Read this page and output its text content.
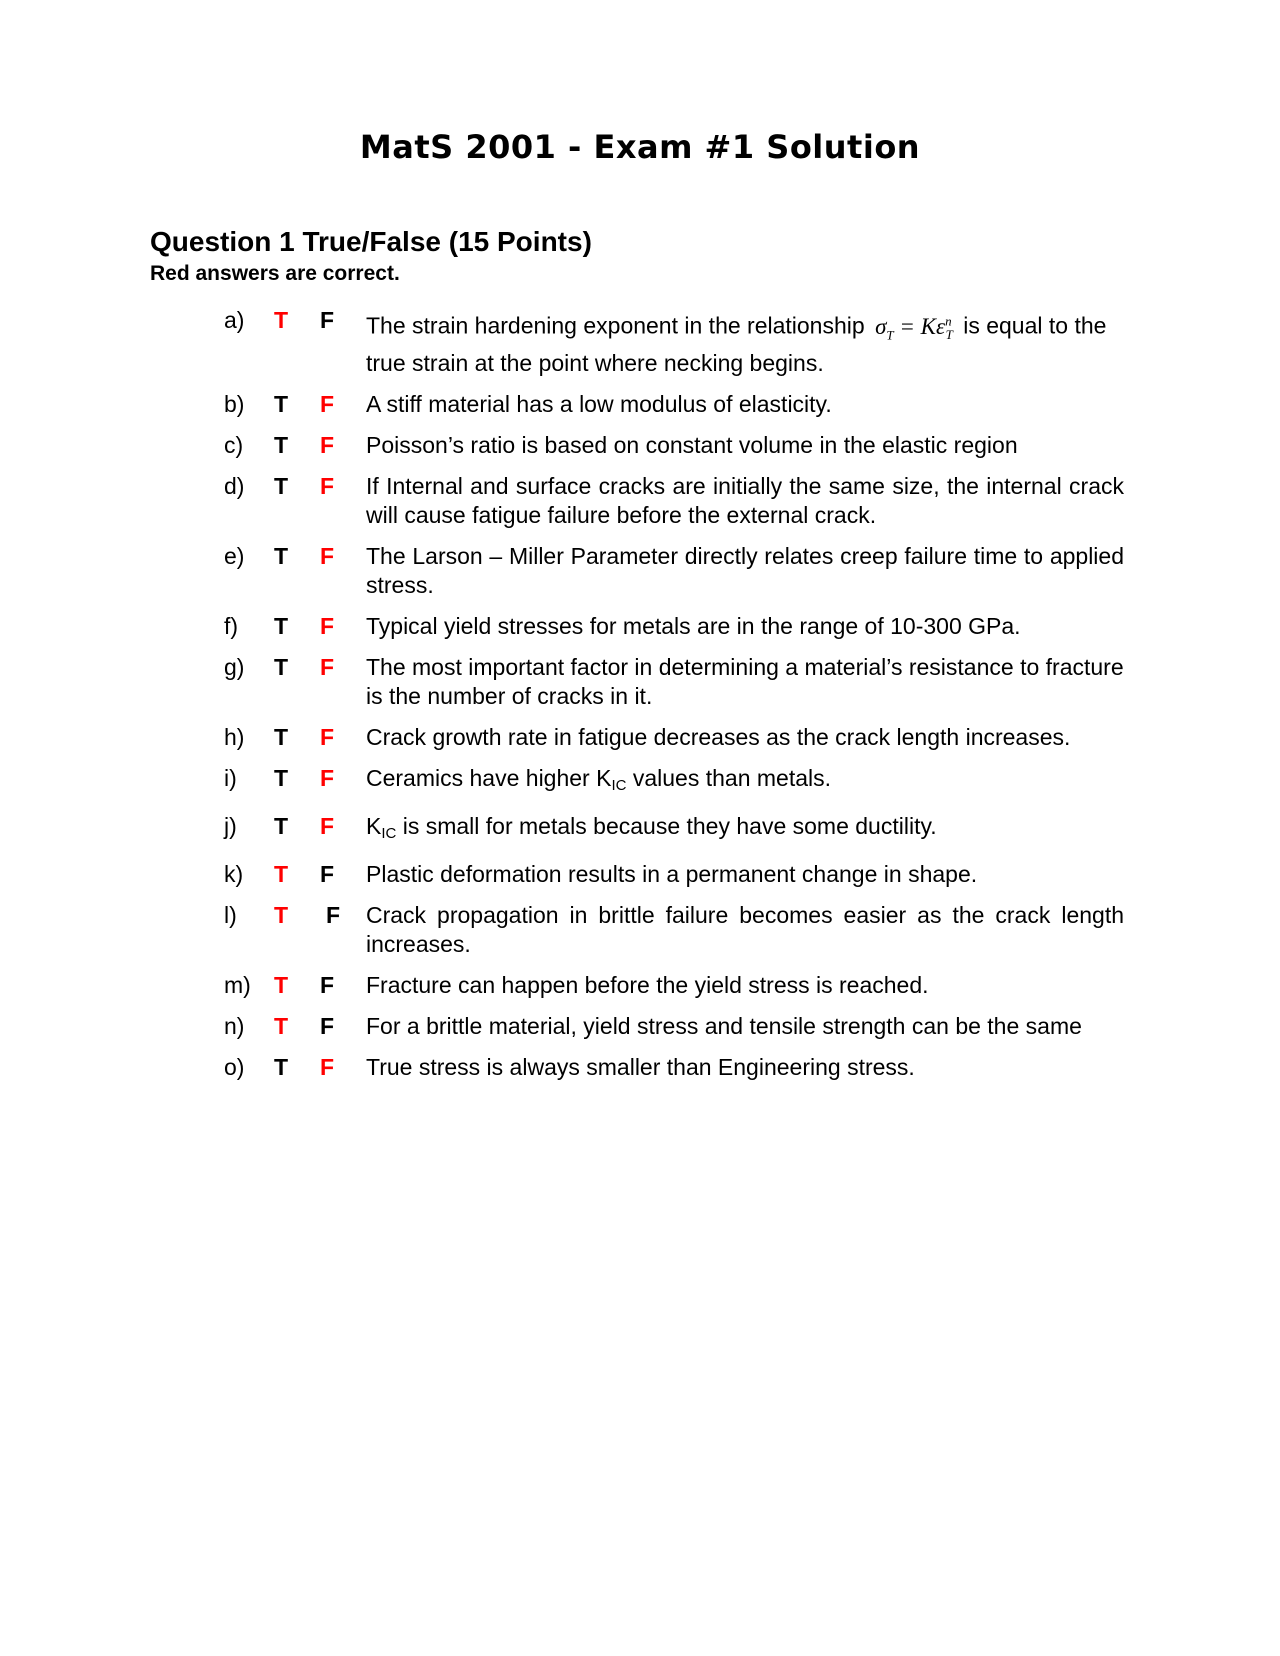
MatS 2001 - Exam #1 Solution
Question 1 True/False (15 Points)
Red answers are correct.
a)	T	F	The strain hardening exponent in the relationship $\sigma_T = K\varepsilon^n_T$ is equal to the true strain at the point where necking begins.
b)	T	F	A stiff material has a low modulus of elasticity.
c)	T	F	Poisson’s ratio is based on constant volume in the elastic region
d)	T	F	If Internal and surface cracks are initially the same size, the internal crack will cause fatigue failure before the external crack.
e)	T	F	The Larson – Miller Parameter directly relates creep failure time to applied stress.
f)	T	F	Typical yield stresses for metals are in the range of 10-300 GPa.
g)	T	F	The most important factor in determining a material’s resistance to fracture is the number of cracks in it.
h)	T	F	Crack growth rate in fatigue decreases as the crack length increases.
i)	T	F	Ceramics have higher KIC values than metals.
j)	T	F	KIC is small for metals because they have some ductility.
k)	T	F	Plastic deformation results in a permanent change in shape.
l)	T	F	Crack propagation in brittle failure becomes easier as the crack length increases.
m)	T	F	Fracture can happen before the yield stress is reached.
n)	T	F	For a brittle material, yield stress and tensile strength can be the same
o)	T	F	True stress is always smaller than Engineering stress.
